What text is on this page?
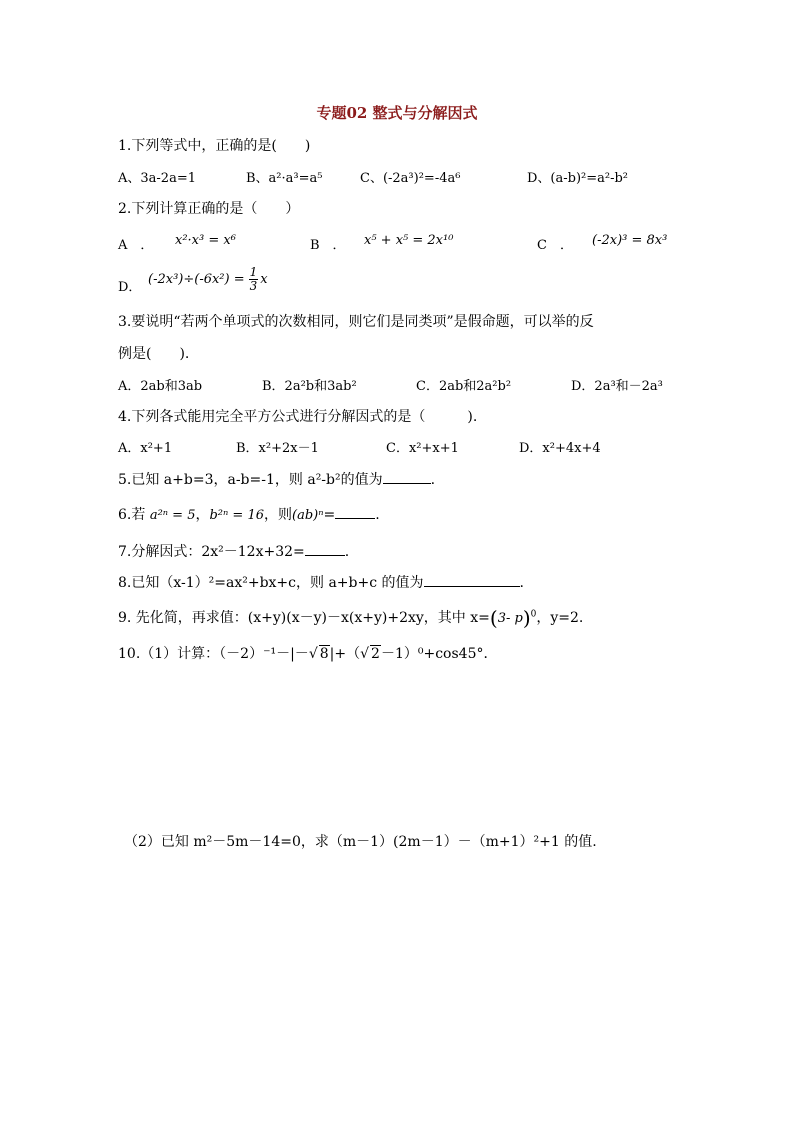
专题02 整式与分解因式
1.下列等式中，正确的是(　　)
A、3a-2a=1	B、a²·a³=a⁵	C、(-2a³)²=-4a⁶	D、(a-b)²=a²-b²
2.下列计算正确的是（　　）
A　． x²·x³ = x⁶	B　． x⁵ + x⁵ = 2x¹⁰	C　． (-2x)³ = 8x³
D．
$(-2x^3)\div(-6x^2) = \frac{1}{3}$ x
3.要说明“若两个单项式的次数相同，则它们是同类项”是假命题，可以举的反
例是(　　).
A．2ab和3ab	B．2a²b和3ab²	C．2ab和2a²b²	D．2a³和－2a³
4.下列各式能用完全平方公式进行分解因式的是（　　　).
A．x²+1	B．x²+2x－1	C．x²+x+1	D．x²+4x+4
5.已知 a+b=3，a-b=-1，则 a²-b²的值为	.
6.若 a²ⁿ = 5，b²ⁿ = 16，则(ab)ⁿ=	.
7.分解因式：2x²－12x+32=	.
8.已知（x-1）²=ax²+bx+c，则 a+b+c 的值为	.
9. 先化简，再求值：(x+y)(x－y)－x(x+y)+2xy，其中 x=(3- p)$^0$，y=2.
10.（1）计算：（－2）⁻¹－|－√ 8|+（√ 2－1）⁰+cos45°．
（2）已知 m²－5m－14=0，求（m－1）(2m－1）－（m+1）²+1 的值.
